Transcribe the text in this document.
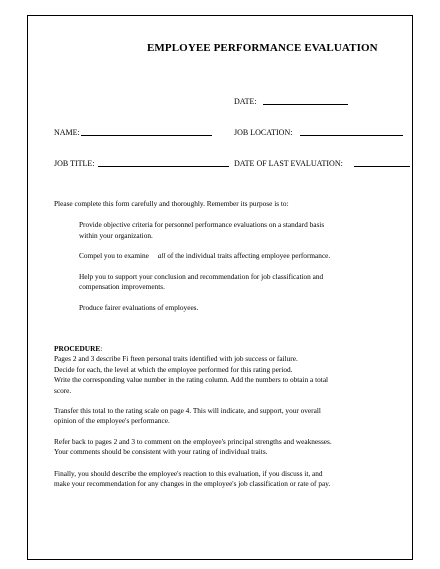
EMPLOYEE PERFORMANCE EVALUATION
DATE:
NAME:	JOB LOCATION:
JOB TITLE:	DATE OF LAST EVALUATION:
Please complete this form carefully and thoroughly. Remember its purpose is to:
Provide objective criteria for personnel performance evaluations on a standard basis
within your organization.
Compel you to examine all of the individual traits affecting employee performance.
Help you to support your conclusion and recommendation for job classification and
compensation improvements.
Produce fairer evaluations of employees.
PROCEDURE:
Pages 2 and 3 describe Fi fteen personal traits identified with job success or failure.
Decide for each, the level at which the employee performed for this rating period.
Write the corresponding value number in the rating column. Add the numbers to obtain a total
score.
Transfer this total to the rating scale on page 4. This will indicate, and support, your overall
opinion of the employee's performance.
Refer back to pages 2 and 3 to comment on the employee's principal strengths and weaknesses.
Your comments should be consistent with your rating of individual traits.
Finally, you should describe the employee's reaction to this evaluation, if you discuss it, and
make your recommendation for any changes in the employee's job classification or rate of pay.
